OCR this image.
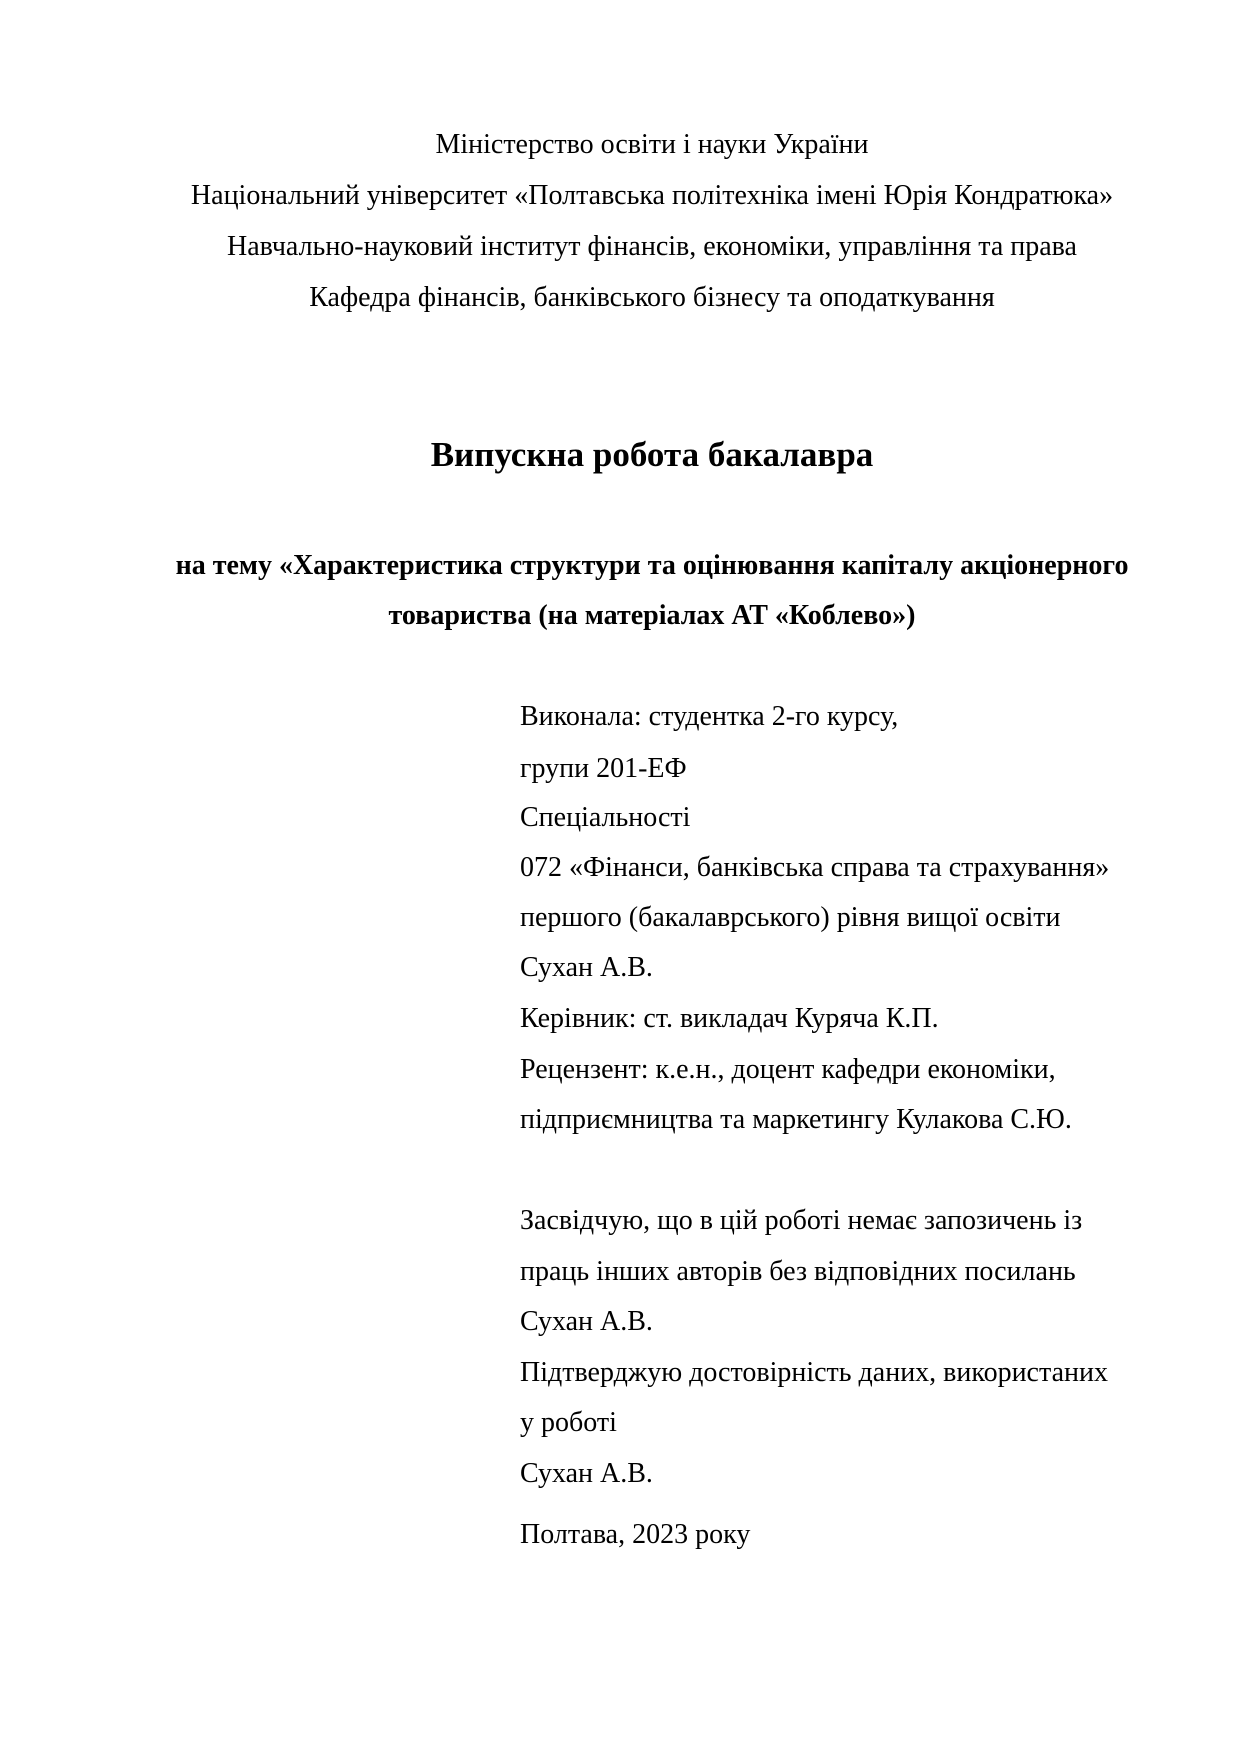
Міністерство освіти і науки України
Національний університет «Полтавська політехніка імені Юрія Кондратюка»
Навчально-науковий інститут фінансів, економіки, управління та права
Кафедра фінансів, банківського бізнесу та оподаткування
Випускна робота бакалавра
на тему «Характеристика структури та оцінювання капіталу акціонерного
товариства (на матеріалах АТ «Коблево»)
Виконала: студентка 2-го курсу,
групи 201-ЕФ
Спеціальності
072 «Фінанси, банківська справа та страхування»
першого (бакалаврського) рівня вищої освіти
Сухан А.В.
Керівник: ст. викладач Куряча К.П.
Рецензент: к.е.н., доцент кафедри економіки,
підприємництва та маркетингу Кулакова С.Ю.
Засвідчую, що в цій роботі немає запозичень із
праць інших авторів без відповідних посилань
Сухан А.В.
Підтверджую достовірність даних, використаних
у роботі
Сухан А.В.
Полтава, 2023 року
